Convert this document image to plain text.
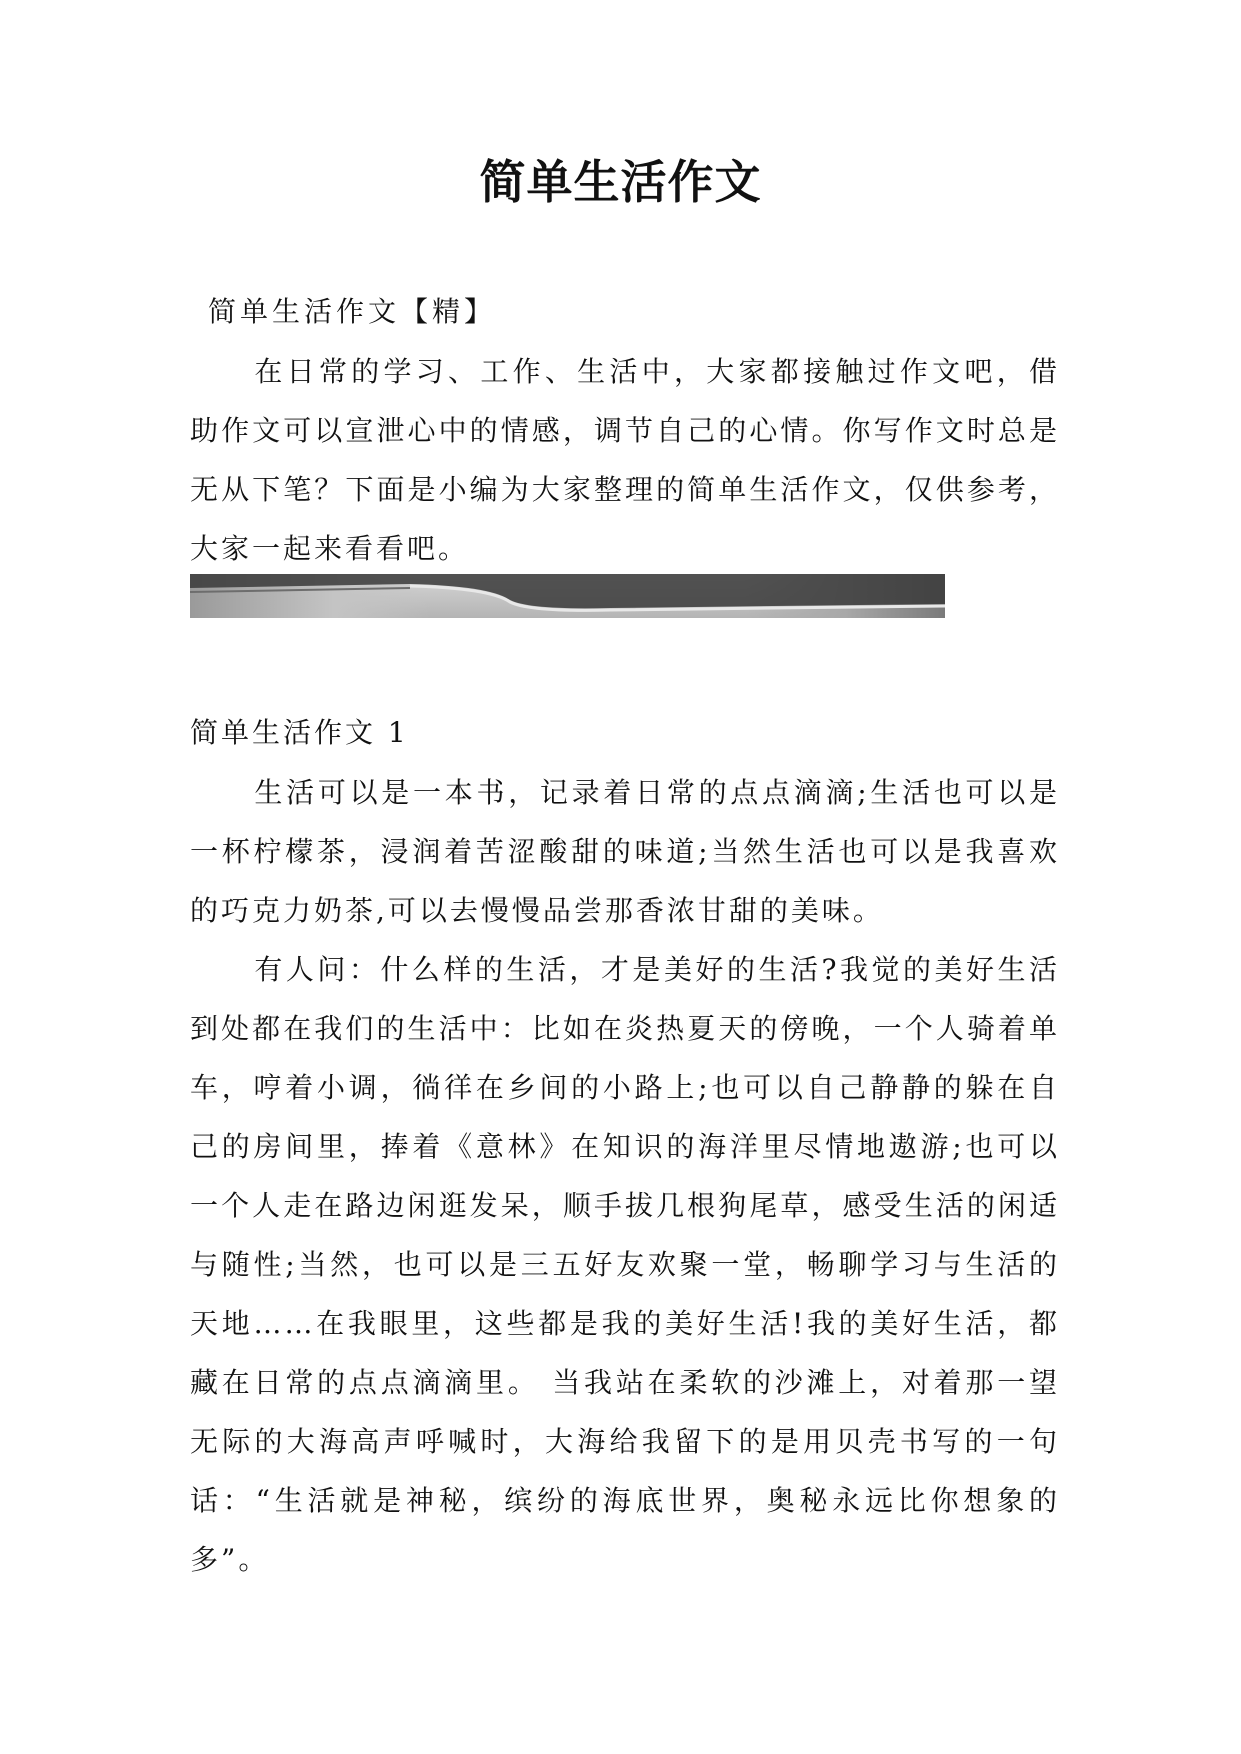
简单生活作文

简单生活作文【精】

在日常的学习、工作、生活中，大家都接触过作文吧，借助作文可以宣泄心中的情感，调节自己的心情。你写作文时总是无从下笔？下面是小编为大家整理的简单生活作文，仅供参考，大家一起来看看吧。

简单生活作文 1

生活可以是一本书，记录着日常的点点滴滴;生活也可以是一杯柠檬茶，浸润着苦涩酸甜的味道;当然生活也可以是我喜欢的巧克力奶茶,可以去慢慢品尝那香浓甘甜的美味。

有人问：什么样的生活，才是美好的生活?我觉的美好生活到处都在我们的生活中：比如在炎热夏天的傍晚，一个人骑着单车，哼着小调，徜徉在乡间的小路上;也可以自己静静的躲在自己的房间里，捧着《意林》在知识的海洋里尽情地遨游;也可以一个人走在路边闲逛发呆，顺手拔几根狗尾草，感受生活的闲适与随性;当然，也可以是三五好友欢聚一堂，畅聊学习与生活的天地……在我眼里，这些都是我的美好生活!我的美好生活，都藏在日常的点点滴滴里。 当我站在柔软的沙滩上，对着那一望无际的大海高声呼喊时，大海给我留下的是用贝壳书写的一句话：“生活就是神秘，缤纷的海底世界，奥秘永远比你想象的多”。
